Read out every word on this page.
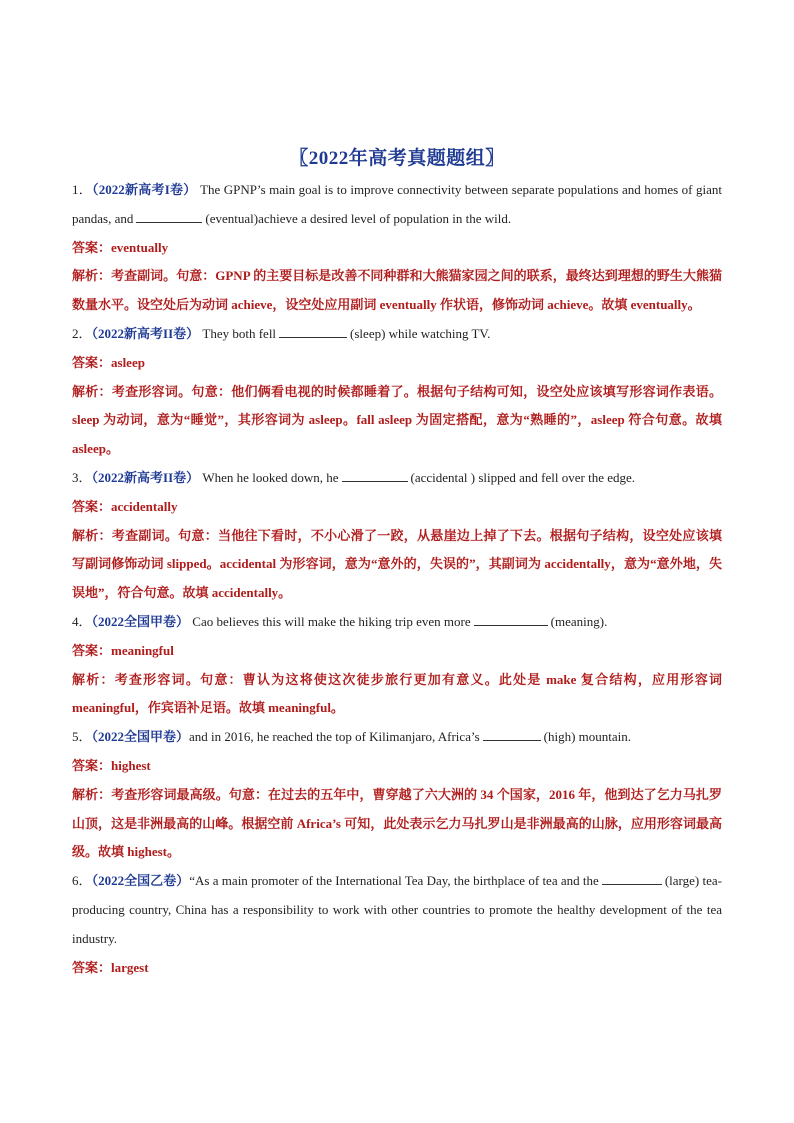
〖2022年高考真题题组〗
1．（2022新高考I卷） The GPNP’s main goal is to improve connectivity between separate populations and homes of giant pandas, and	(eventual)achieve a desired level of population in the wild.
答案：eventually
解析：考查副词。句意：GPNP 的主要目标是改善不同种群和大熊猫家园之间的联系，最终达到理想的野生大熊猫数量水平。设空处后为动词 achieve，设空处应用副词 eventually 作状语，修饰动词 achieve。故填 eventually。
2．（2022新高考II卷） They both fell	(sleep) while watching TV.
答案：asleep
解析：考查形容词。句意：他们俩看电视的时候都睡着了。根据句子结构可知，设空处应该填写形容词作表语。sleep 为动词，意为“睡觉”，其形容词为 asleep。fall asleep 为固定搭配，意为“熟睡的”，asleep 符合句意。故填 asleep。
3．（2022新高考II卷） When he looked down, he	(accidental ) slipped and fell over the edge.
答案：accidentally
解析：考查副词。句意：当他往下看时，不小心滑了一跤，从悬崖边上掉了下去。根据句子结构，设空处应该填写副词修饰动词 slipped。accidental 为形容词，意为“意外的，失误的”，其副词为 accidentally，意为“意外地，失误地”，符合句意。故填 accidentally。
4．（2022全国甲卷） Cao believes this will make the hiking trip even more	(meaning).
答案：meaningful
解析：考查形容词。句意：曹认为这将使这次徒步旅行更加有意义。此处是 make 复合结构，应用形容词 meaningful，作宾语补足语。故填 meaningful。
5．（2022全国甲卷）and in 2016, he reached the top of Kilimanjaro, Africa’s	(high) mountain.
答案：highest
解析：考查形容词最高级。句意：在过去的五年中，曹穿越了六大洲的 34 个国家，2016 年，他到达了乞力马扎罗山顶，这是非洲最高的山峰。根据空前 Africa’s 可知，此处表示乞力马扎罗山是非洲最高的山脉，应用形容词最高级。故填 highest。
6．（2022全国乙卷）“As a main promoter of the International Tea Day, the birthplace of tea and the	(large) tea-producing country, China has a responsibility to work with other countries to promote the healthy development of the tea industry.
答案：largest
